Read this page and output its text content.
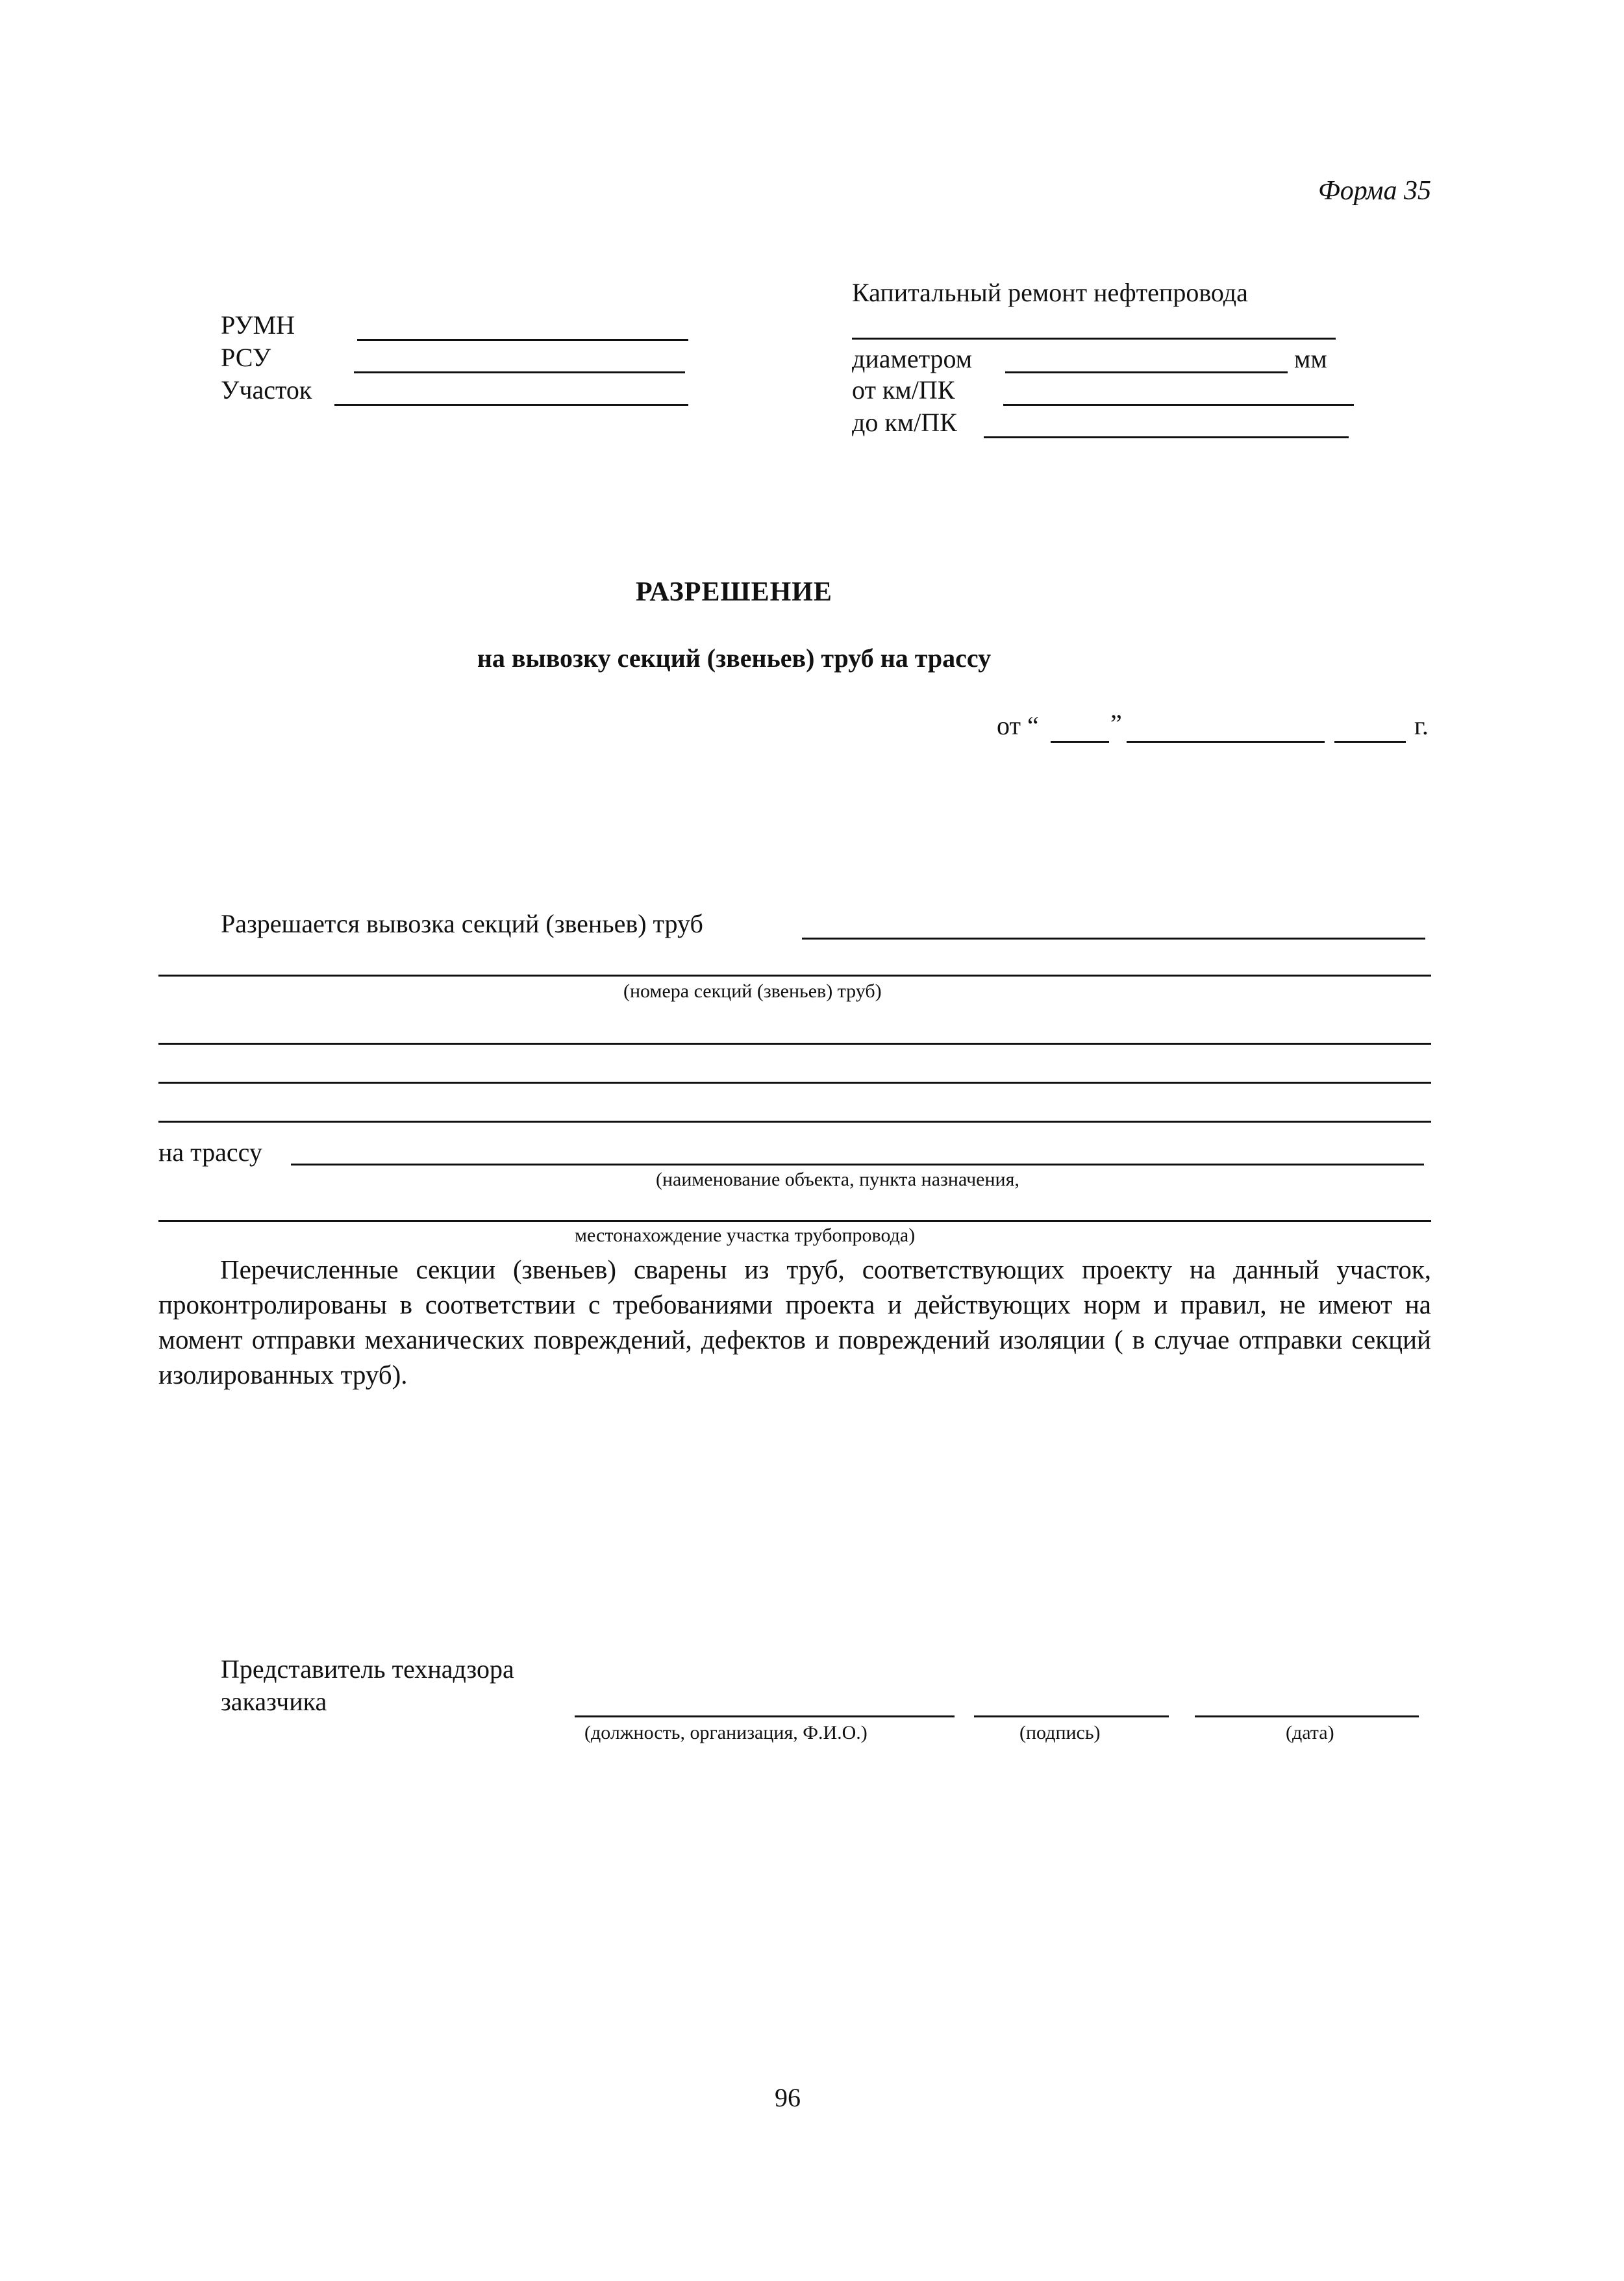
Форма 35
РУМН
РСУ
Участок
Капитальный ремонт нефтепровода
диаметром	мм
от км/ПК
до км/ПК
РАЗРЕШЕНИЕ
на вывозку секций (звеньев) труб на трассу
от “	”	г.
Разрешается вывозка секций (звеньев) труб
(номера секций (звеньев) труб)
на трассу
(наименование объекта, пункта назначения,
местонахождение участка трубопровода)
Перечисленные секции (звеньев) сварены из труб, соответствующих проекту на данный участок, проконтролированы в соответствии с требованиями проекта и действующих норм и правил, не имеют на момент отправки механических повреждений, дефектов и повреждений изоляции ( в случае отправки секций изолированных труб).
Представитель технадзора
заказчика
(должность, организация, Ф.И.О.)	(подпись)	(дата)
96
